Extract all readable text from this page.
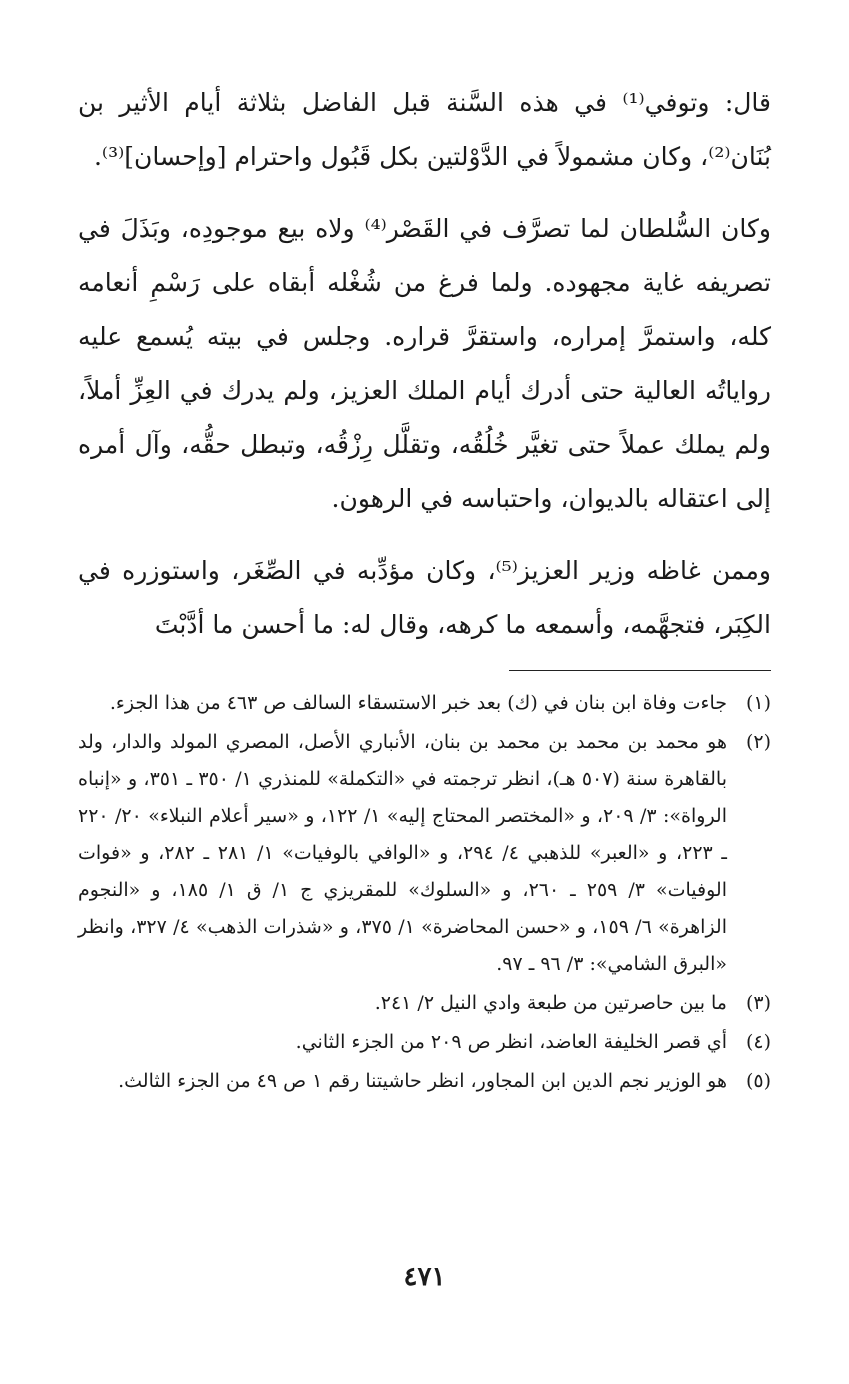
قال: وتوفي⁽¹⁾ في هذه السَّنة قبل الفاضل بثلاثة أيام الأثير بن بُنَان⁽²⁾، وكان مشمولاً في الدَّوْلتين بكل قَبُول واحترام [وإحسان]⁽³⁾.

وكان السُّلطان لما تصرَّف في القَصْر⁽⁴⁾ ولاه بيع موجودِه، وبَذَلَ في تصريفه غاية مجهوده. ولما فرغ من شُغْله أبقاه على رَسْمِ أنعامه كله، واستمرَّ إمراره، واستقرَّ قراره. وجلس في بيته يُسمع عليه رواياتُه العالية حتى أدرك أيام الملك العزيز، ولم يدرك في العِزِّ أملاً، ولم يملك عملاً حتى تغيَّر خُلُقُه، وتقلَّل رِزْقُه، وتبطل حقُّه، وآل أمره إلى اعتقاله بالديوان، واحتباسه في الرهون.

وممن غاظه وزير العزيز⁽⁵⁾، وكان مؤدِّبه في الصِّغَر، واستوزره في الكِبَر، فتجهَّمه، وأسمعه ما كرهه، وقال له: ما أحسن ما أدَّبْتَ

(١)
جاءت وفاة ابن بنان في (ك) بعد خبر الاستسقاء السالف ص ٤٦٣ من هذا الجزء.
(٢)
هو محمد بن محمد بن محمد بن بنان، الأنباري الأصل، المصري المولد والدار، ولد بالقاهرة سنة (٥٠٧ هـ)، انظر ترجمته في «التكملة» للمنذري ١/ ٣٥٠ ـ ٣٥١، و «إنباه الرواة»: ٣/ ٢٠٩، و «المختصر المحتاج إليه» ١/ ١٢٢، و «سير أعلام النبلاء» ٢٠/ ٢٢٠ ـ ٢٢٣، و «العبر» للذهبي ٤/ ٢٩٤، و «الوافي بالوفيات» ١/ ٢٨١ ـ ٢٨٢، و «فوات الوفيات» ٣/ ٢٥٩ ـ ٢٦٠، و «السلوك» للمقريزي ج ١/ ق ١/ ١٨٥، و «النجوم الزاهرة» ٦/ ١٥٩، و «حسن المحاضرة» ١/ ٣٧٥، و «شذرات الذهب» ٤/ ٣٢٧، وانظر «البرق الشامي»: ٣/ ٩٦ ـ ٩٧.
(٣)
ما بين حاصرتين من طبعة وادي النيل ٢/ ٢٤١.
(٤)
أي قصر الخليفة العاضد، انظر ص ٢٠٩ من الجزء الثاني.
(٥)
هو الوزير نجم الدين ابن المجاور، انظر حاشيتنا رقم ١ ص ٤٩ من الجزء الثالث.
٤٧١
